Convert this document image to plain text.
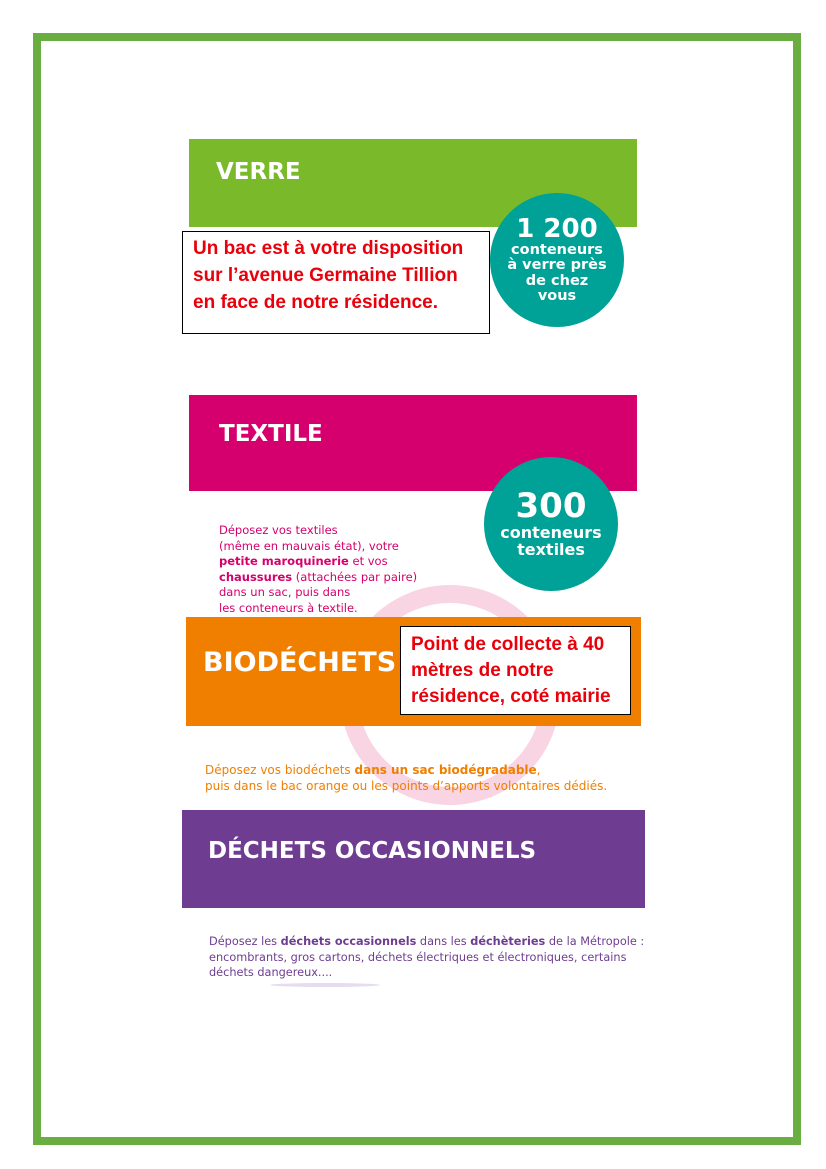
VERRE
1 200
conteneurs
à verre près
de chez
vous
Un bac est à votre disposition
sur l’avenue Germaine Tillion
en face de notre résidence.
TEXTILE
300
conteneurs
textiles
Déposez vos textiles
(même en mauvais état), votre
petite maroquinerie et vos
chaussures (attachées par paire)
dans un sac, puis dans
les conteneurs à textile.
BIODÉCHETS
Point de collecte à 40
mètres de notre
résidence, coté mairie
Déposez vos biodéchets dans un sac biodégradable,
puis dans le bac orange ou les points d’apports volontaires dédiés.
DÉCHETS OCCASIONNELS
Déposez les déchets occasionnels dans les déchèteries de la Métropole :
encombrants, gros cartons, déchets électriques et électroniques, certains
déchets dangereux....
